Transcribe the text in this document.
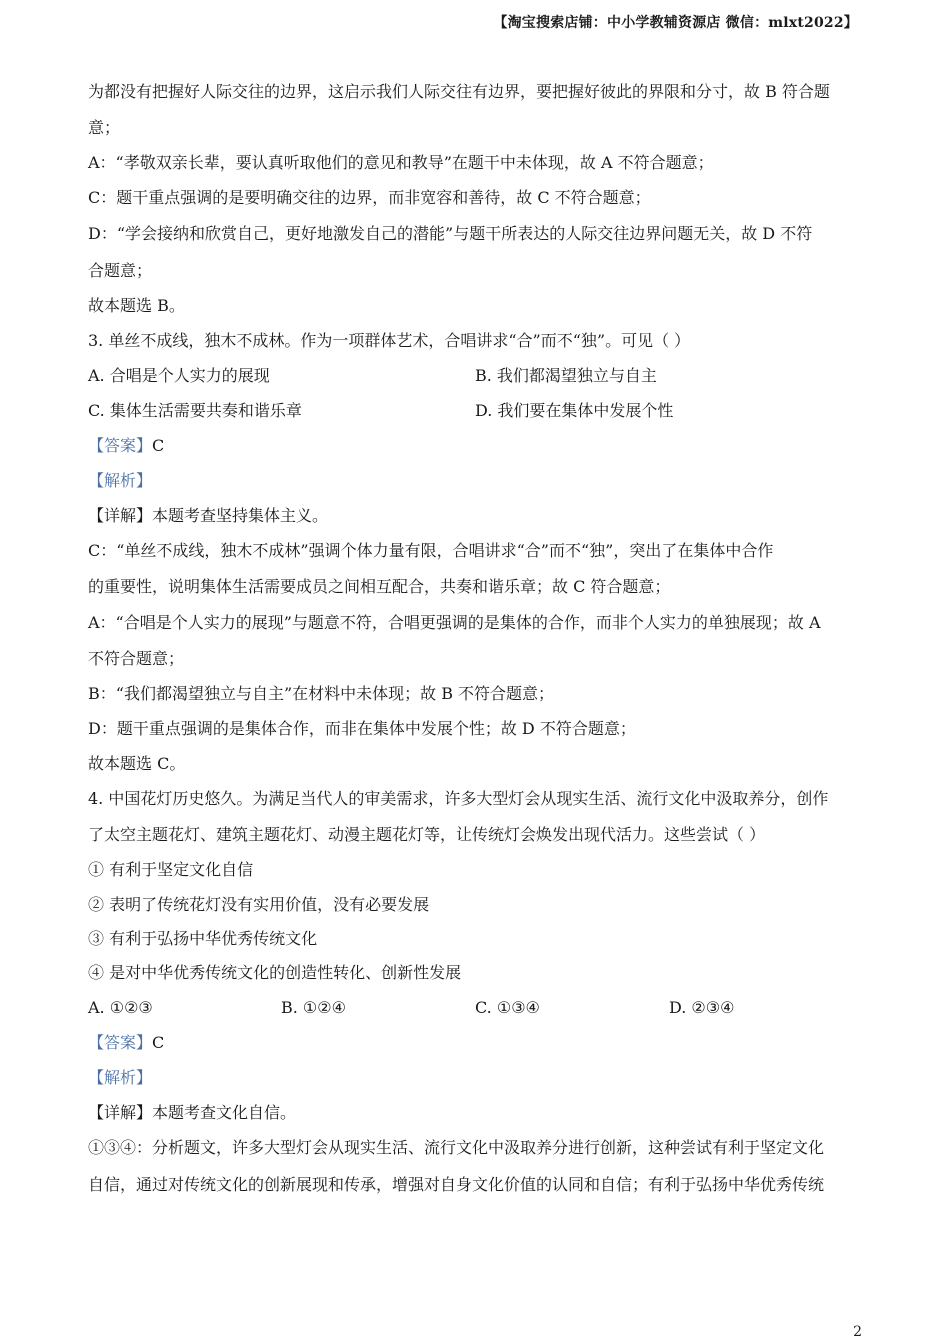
【淘宝搜索店铺：中小学教辅资源店 微信：mlxt2022】
为都没有把握好人际交往的边界，这启示我们人际交往有边界，要把握好彼此的界限和分寸，故 B 符合题
意；
A：“孝敬双亲长辈，要认真听取他们的意见和教导”在题干中未体现，故 A 不符合题意；
C：题干重点强调的是要明确交往的边界，而非宽容和善待，故 C 不符合题意；
D：“学会接纳和欣赏自己，更好地激发自己的潜能”与题干所表达的人际交往边界问题无关，故 D 不符
合题意；
故本题选 B。
3. 单丝不成线，独木不成林。作为一项群体艺术，合唱讲求“合”而不“独”。可见（ ）
A. 合唱是个人实力的展现	B. 我们都渴望独立与自主
C. 集体生活需要共奏和谐乐章	D. 我们要在集体中发展个性
【答案】C
【解析】
【详解】本题考查坚持集体主义。
C：“单丝不成线，独木不成林”强调个体力量有限，合唱讲求“合”而不“独”，突出了在集体中合作
的重要性，说明集体生活需要成员之间相互配合，共奏和谐乐章；故 C 符合题意；
A：“合唱是个人实力的展现”与题意不符，合唱更强调的是集体的合作，而非个人实力的单独展现；故 A
不符合题意；
B：“我们都渴望独立与自主”在材料中未体现；故 B 不符合题意；
D：题干重点强调的是集体合作，而非在集体中发展个性；故 D 不符合题意；
故本题选 C。
4. 中国花灯历史悠久。为满足当代人的审美需求，许多大型灯会从现实生活、流行文化中汲取养分，创作
了太空主题花灯、建筑主题花灯、动漫主题花灯等，让传统灯会焕发出现代活力。这些尝试（ ）
① 有利于坚定文化自信
② 表明了传统花灯没有实用价值，没有必要发展
③ 有利于弘扬中华优秀传统文化
④ 是对中华优秀传统文化的创造性转化、创新性发展
A. ①②③	B. ①②④	C. ①③④	D. ②③④
【答案】C
【解析】
【详解】本题考查文化自信。
①③④：分析题文，许多大型灯会从现实生活、流行文化中汲取养分进行创新，这种尝试有利于坚定文化
自信，通过对传统文化的创新展现和传承，增强对自身文化价值的认同和自信；有利于弘扬中华优秀传统
2
